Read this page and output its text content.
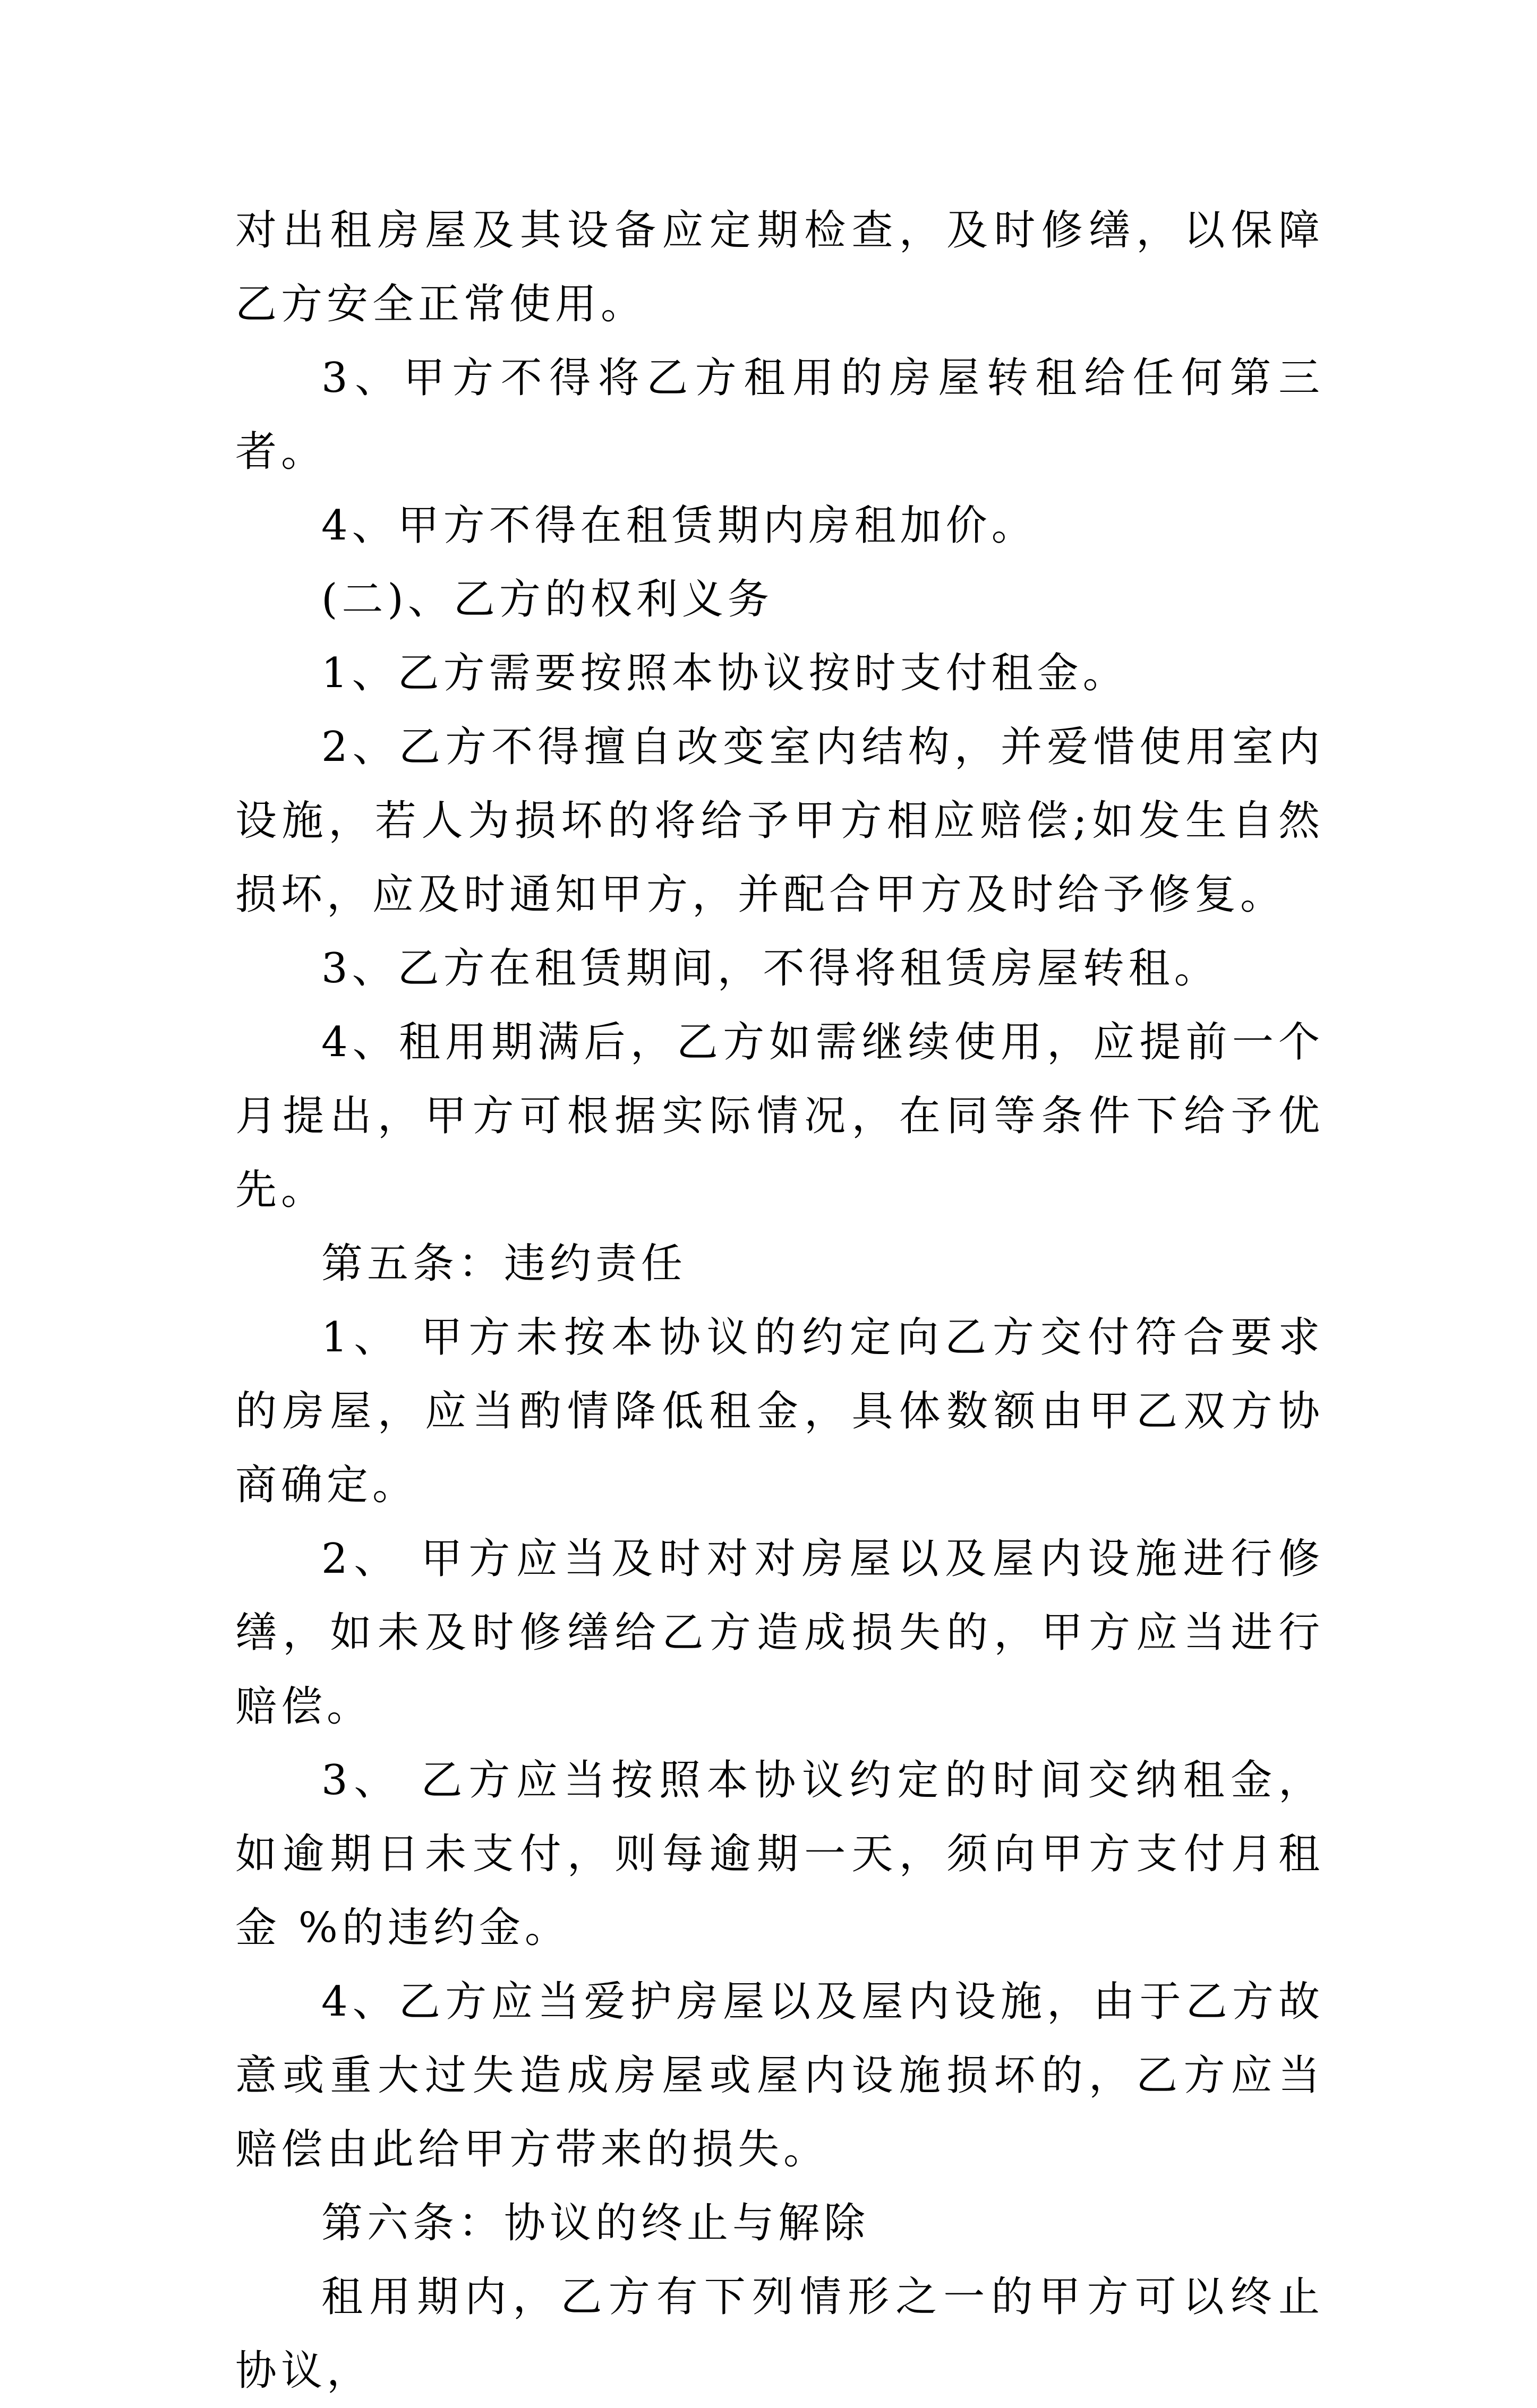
对出租房屋及其设备应定期检查，及时修缮，以保障乙方安全正常使用。

3、甲方不得将乙方租用的房屋转租给任何第三者。

4、甲方不得在租赁期内房租加价。

(二)、乙方的权利义务

1、乙方需要按照本协议按时支付租金。

2、乙方不得擅自改变室内结构，并爱惜使用室内设施，若人为损坏的将给予甲方相应赔偿;如发生自然损坏，应及时通知甲方，并配合甲方及时给予修复。

3、乙方在租赁期间，不得将租赁房屋转租。

4、租用期满后，乙方如需继续使用，应提前一个月提出，甲方可根据实际情况，在同等条件下给予优先。

第五条：违约责任

1、 甲方未按本协议的约定向乙方交付符合要求的房屋，应当酌情降低租金，具体数额由甲乙双方协商确定。

2、 甲方应当及时对对房屋以及屋内设施进行修缮，如未及时修缮给乙方造成损失的，甲方应当进行赔偿。

3、 乙方应当按照本协议约定的时间交纳租金，如逾期日未支付，则每逾期一天，须向甲方支付月租金 %的违约金。

4、乙方应当爱护房屋以及屋内设施，由于乙方故意或重大过失造成房屋或屋内设施损坏的，乙方应当赔偿由此给甲方带来的损失。

第六条：协议的终止与解除

租用期内，乙方有下列情形之一的甲方可以终止协议，
